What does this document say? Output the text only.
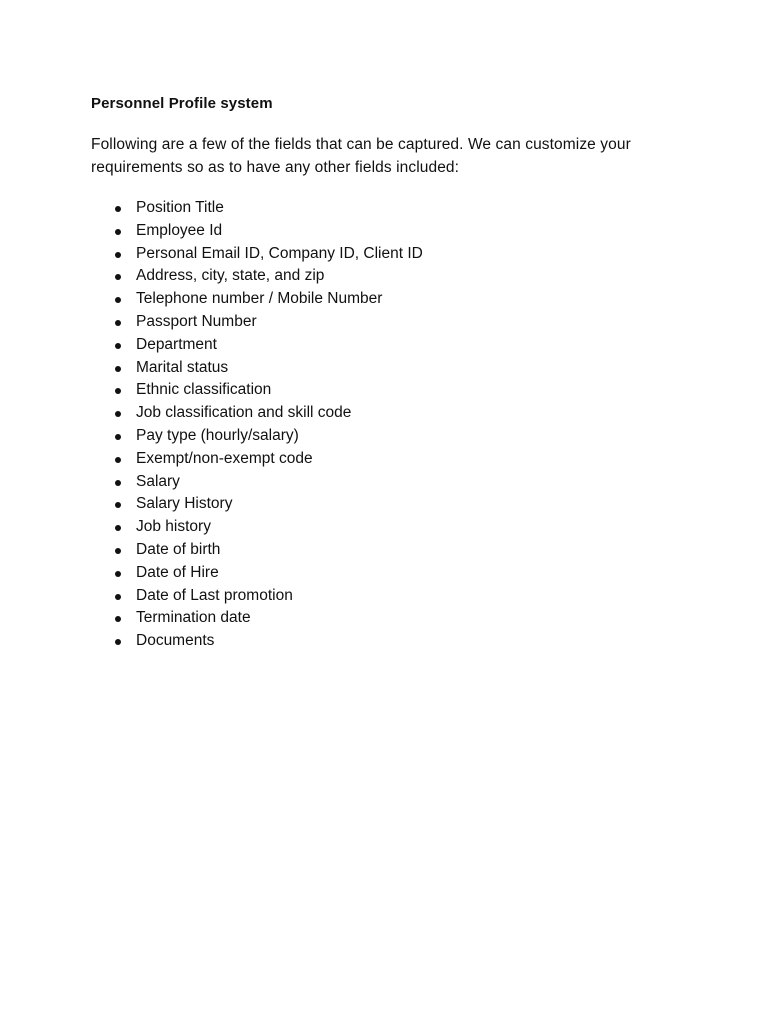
Personnel Profile system

Following are a few of the fields that can be captured. We can customize your requirements so as to have any other fields included:

Position Title
Employee Id
Personal Email ID, Company ID, Client ID
Address, city, state, and zip
Telephone number / Mobile Number
Passport Number
Department
Marital status
Ethnic classification
Job classification and skill code
Pay type (hourly/salary)
Exempt/non-exempt code
Salary
Salary History
Job history
Date of birth
Date of Hire
Date of Last promotion
Termination date
Documents
